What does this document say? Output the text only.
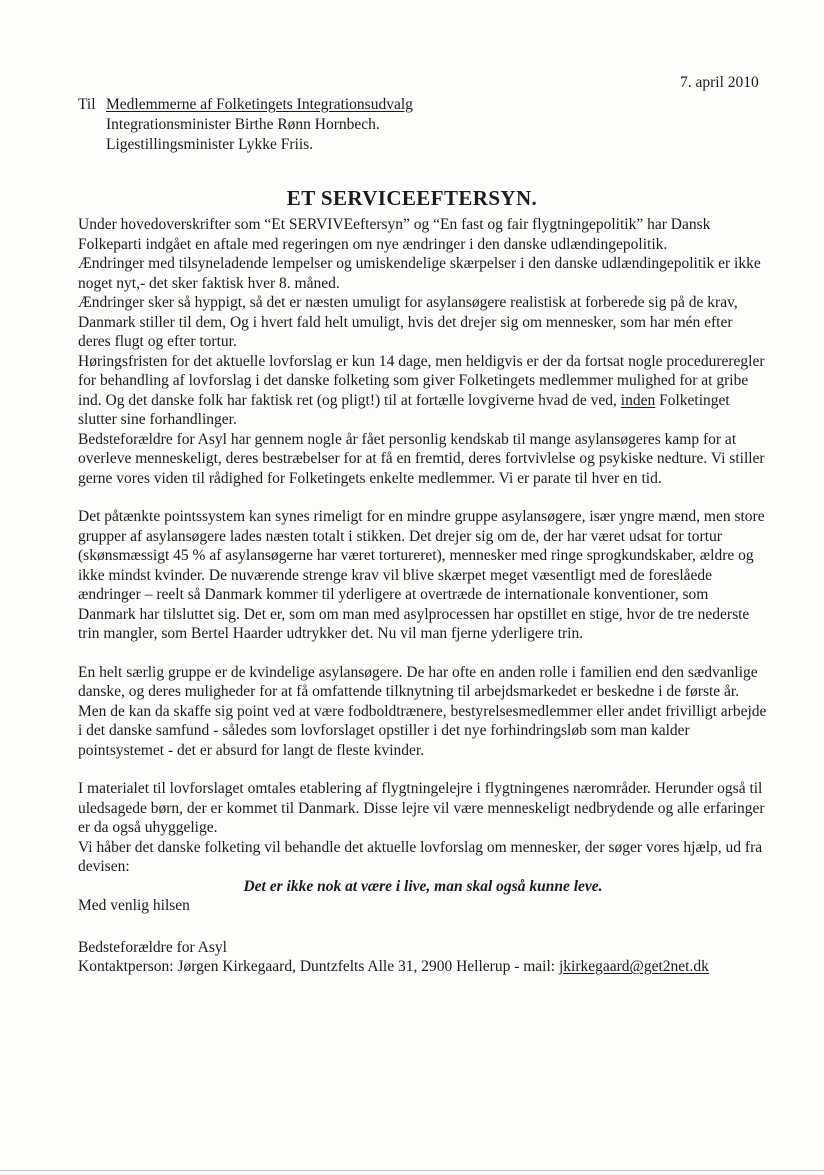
7. april 2010
Til Medlemmerne af Folketingets Integrationsudvalg
Integrationsminister Birthe Rønn Hornbech.
Ligestillingsminister Lykke Friis.
ET SERVICEEFTERSYN.

Under hovedoverskrifter som “Et SERVIVEeftersyn” og “En fast og fair flygtningepolitik” har Dansk Folkeparti indgået en aftale med regeringen om nye ændringer i den danske udlændingepolitik.

Ændringer med tilsyneladende lempelser og umiskendelige skærpelser i den danske udlændingepolitik er ikke noget nyt,- det sker faktisk hver 8. måned.

Ændringer sker så hyppigt, så det er næsten umuligt for asylansøgere realistisk at forberede sig på de krav, Danmark stiller til dem, Og i hvert fald helt umuligt, hvis det drejer sig om mennesker, som har mén efter deres flugt og efter tortur.

Høringsfristen for det aktuelle lovforslag er kun 14 dage, men heldigvis er der da fortsat nogle procedureregler for behandling af lovforslag i det danske folketing som giver Folketingets medlemmer mulighed for at gribe ind. Og det danske folk har faktisk ret (og pligt!) til at fortælle lovgiverne hvad de ved, inden Folketinget slutter sine forhandlinger.

Bedsteforældre for Asyl har gennem nogle år fået personlig kendskab til mange asylansøgeres kamp for at overleve menneskeligt, deres bestræbelser for at få en fremtid, deres fortvivlelse og psykiske nedture. Vi stiller gerne vores viden til rådighed for Folketingets enkelte medlemmer. Vi er parate til hver en tid.

Det påtænkte pointssystem kan synes rimeligt for en mindre gruppe asylansøgere, især yngre mænd, men store grupper af asylansøgere lades næsten totalt i stikken. Det drejer sig om de, der har været udsat for tortur (skønsmæssigt 45 % af asylansøgerne har været tortureret), mennesker med ringe sprogkundskaber, ældre og ikke mindst kvinder. De nuværende strenge krav vil blive skærpet meget væsentligt med de foreslåede ændringer – reelt så Danmark kommer til yderligere at overtræde de internationale konventioner, som Danmark har tilsluttet sig. Det er, som om man med asylprocessen har opstillet en stige, hvor de tre nederste trin mangler, som Bertel Haarder udtrykker det. Nu vil man fjerne yderligere trin.

En helt særlig gruppe er de kvindelige asylansøgere. De har ofte en anden rolle i familien end den sædvanlige danske, og deres muligheder for at få omfattende tilknytning til arbejdsmarkedet er beskedne i de første år. Men de kan da skaffe sig point ved at være fodboldtrænere, bestyrelsesmedlemmer eller andet frivilligt arbejde i det danske samfund - således som lovforslaget opstiller i det nye forhindringsløb som man kalder pointsystemet - det er absurd for langt de fleste kvinder.

I materialet til lovforslaget omtales etablering af flygtningelejre i flygtningenes nærområder. Herunder også til uledsagede børn, der er kommet til Danmark. Disse lejre vil være menneskeligt nedbrydende og alle erfaringer er da også uhyggelige.

Vi håber det danske folketing vil behandle det aktuelle lovforslag om mennesker, der søger vores hjælp, ud fra devisen:

Det er ikke nok at være i live, man skal også kunne leve.

Med venlig hilsen

Bedsteforældre for Asyl

Kontaktperson: Jørgen Kirkegaard, Duntzfelts Alle 31, 2900 Hellerup - mail: jkirkegaard@get2net.dk
